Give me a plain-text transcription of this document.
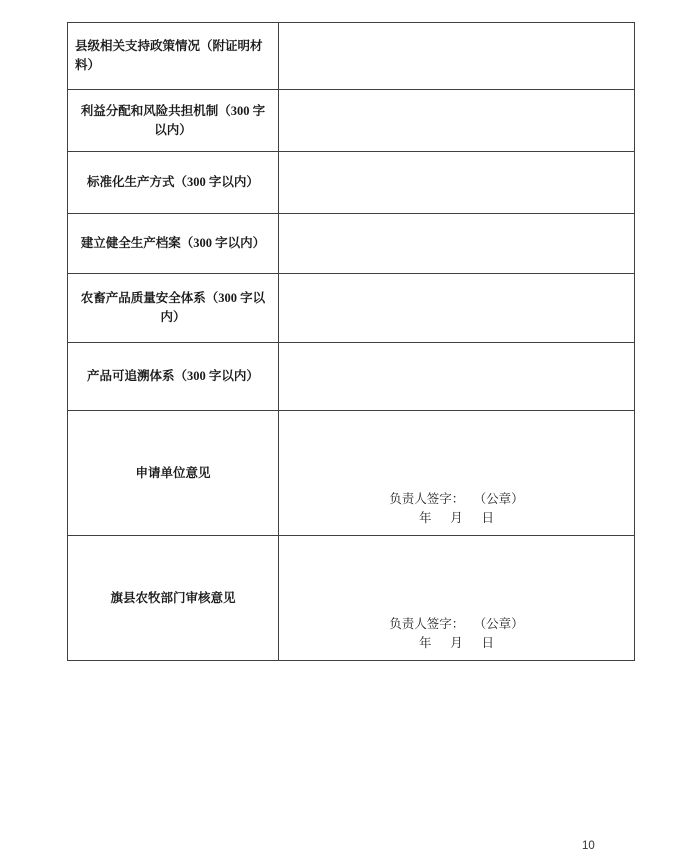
县级相关支持政策情况（附证明材料）	
利益分配和风险共担机制（300 字以内）	
标准化生产方式（300 字以内）	
建立健全生产档案（300 字以内）	
农畜产品质量安全体系（300 字以内）	
产品可追溯体系（300 字以内）	
申请单位意见	负责人签字：   （公章）
年      月      日

旗县农牧部门审核意见	负责人签字：   （公章）
年      月      日
10
